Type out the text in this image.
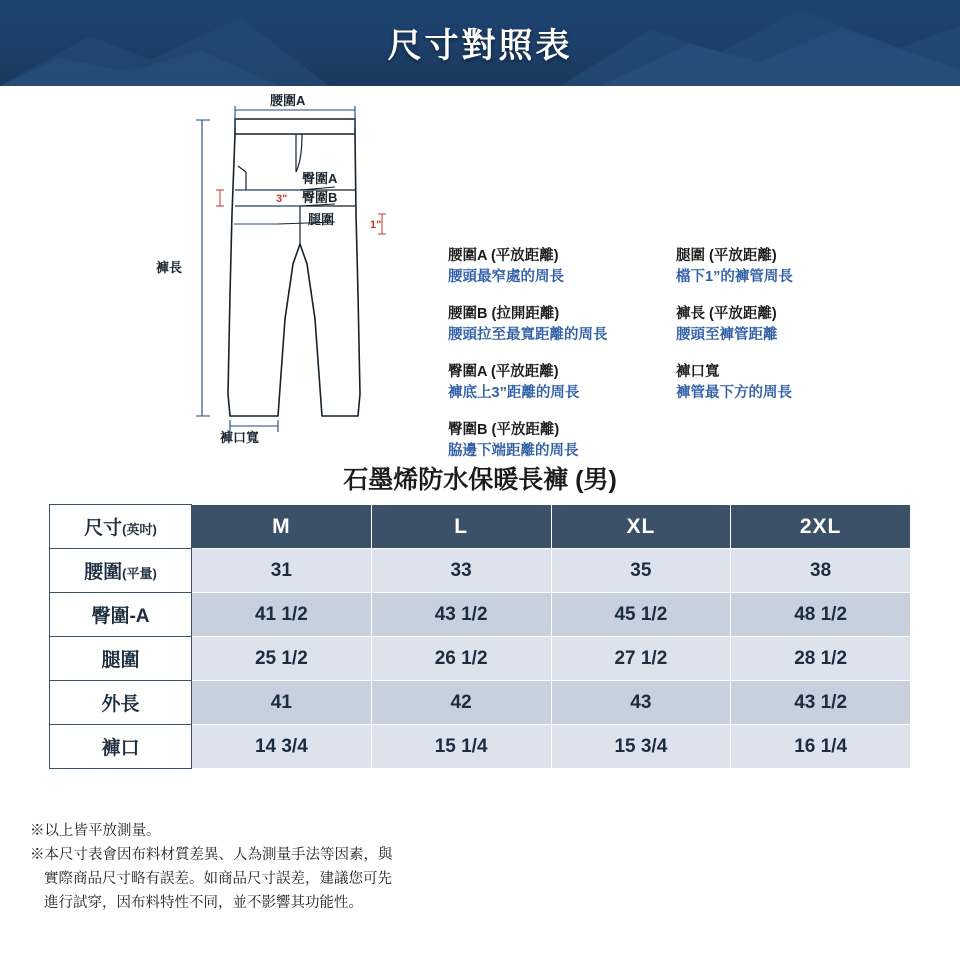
尺寸對照表
腰圍A
臀圍A
臀圍B
腿圍
3"
1"
褲長
褲口寬
腰圍A (平放距離)
腰頭最窄處的周長
腰圍B (拉開距離)
腰頭拉至最寬距離的周長
臀圍A (平放距離)
褲底上3”距離的周長
臀圍B (平放距離)
脇邊下端距離的周長
腿圍 (平放距離)
檔下1”的褲管周長
褲長 (平放距離)
腰頭至褲管距離
褲口寬
褲管最下方的周長
石墨烯防水保暖長褲 (男)
尺寸(英吋)	M	L	XL	2XL
腰圍(平量)	31	33	35	38
臀圍-A	41 1/2	43 1/2	45 1/2	48 1/2
腿圍	25 1/2	26 1/2	27 1/2	28 1/2
外長	41	42	43	43 1/2
褲口	14 3/4	15 1/4	15 3/4	16 1/4

※以上皆平放測量。

※本尺寸表會因布料材質差異、人為測量手法等因素，與

實際商品尺寸略有誤差。如商品尺寸誤差，建議您可先

進行試穿，因布料特性不同，並不影響其功能性。
